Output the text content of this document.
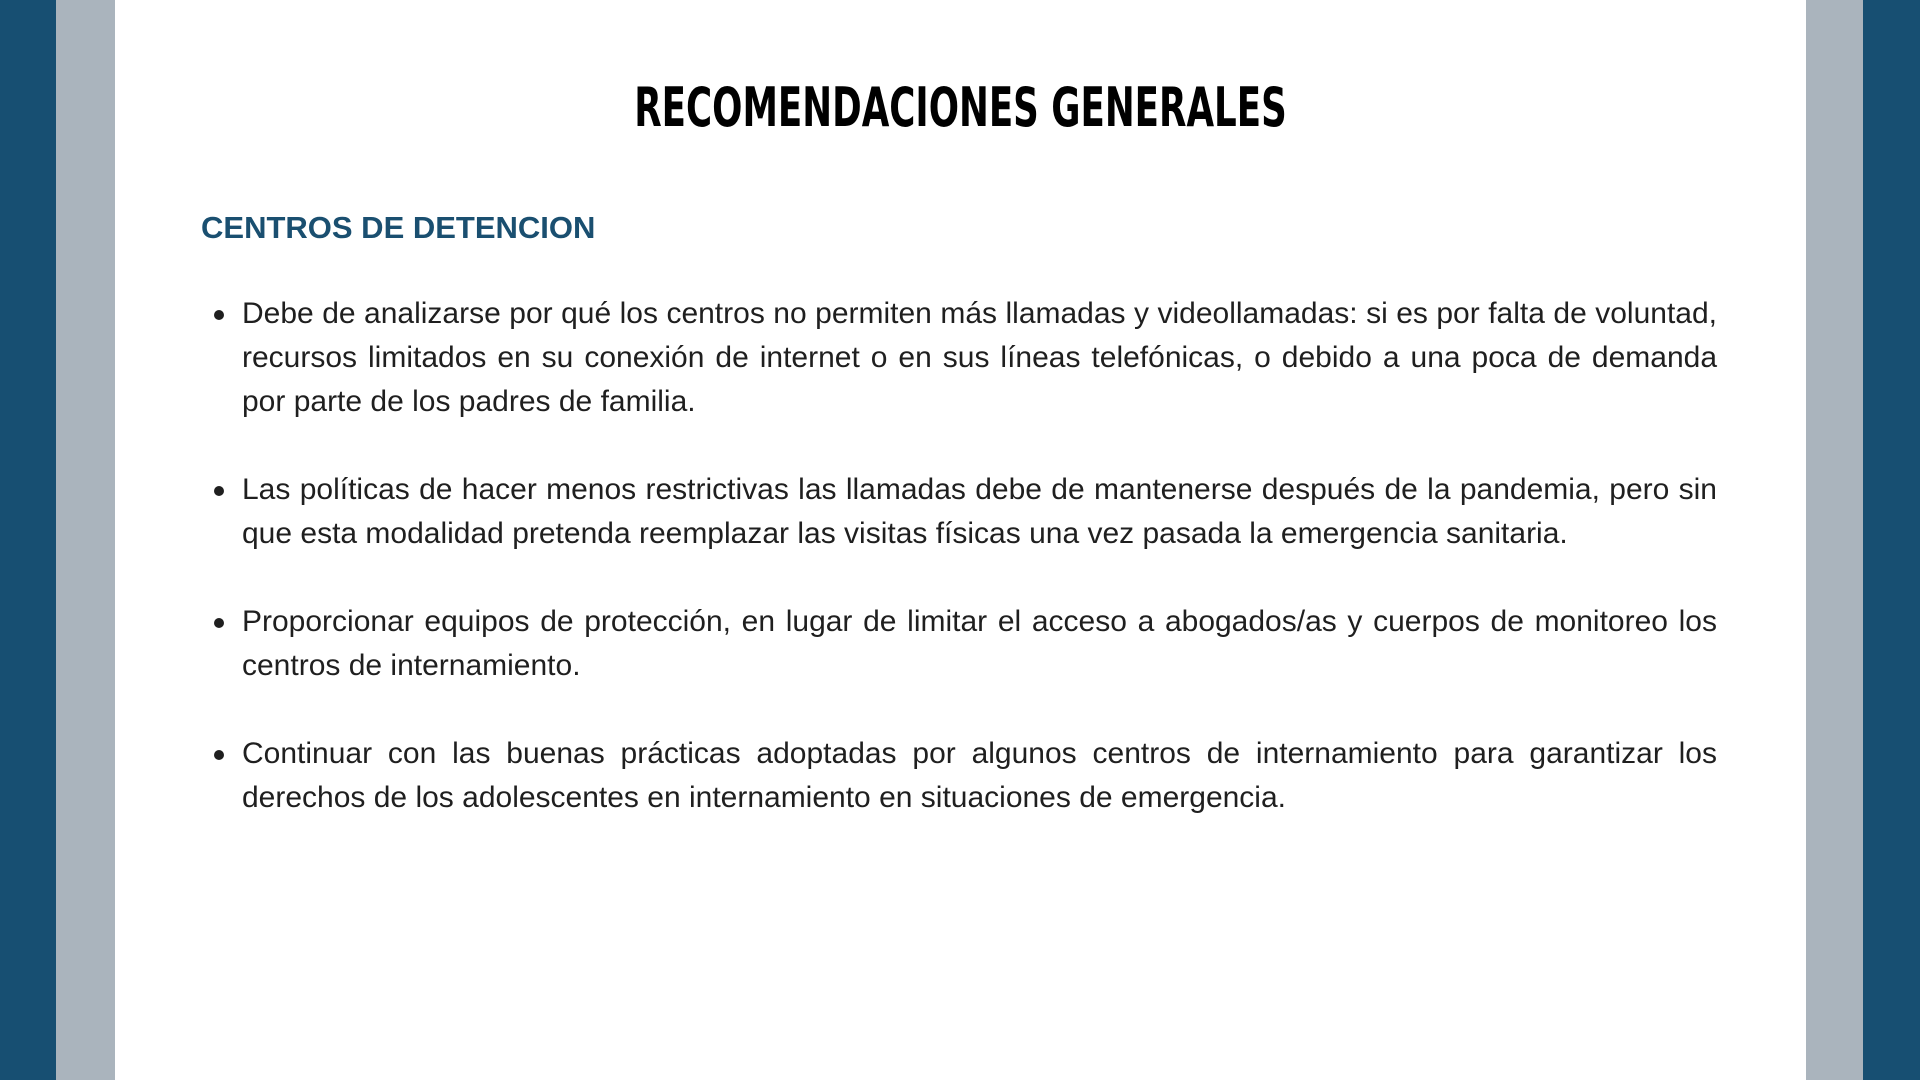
RECOMENDACIONES GENERALES
CENTROS DE DETENCION
Debe de analizarse por qué los centros no permiten más llamadas y videollamadas: si es por falta de voluntad, recursos limitados en su conexión de internet o en sus líneas telefónicas, o debido a una poca de demanda por parte de los padres de familia.
Las políticas de hacer menos restrictivas las llamadas debe de mantenerse después de la pandemia, pero sin que esta modalidad pretenda reemplazar las visitas físicas una vez pasada la emergencia sanitaria.
Proporcionar equipos de protección, en lugar de limitar el acceso a abogados/as y cuerpos de monitoreo los centros de internamiento.
Continuar con las buenas prácticas adoptadas por algunos centros de internamiento para garantizar los derechos de los adolescentes en internamiento en situaciones de emergencia.
